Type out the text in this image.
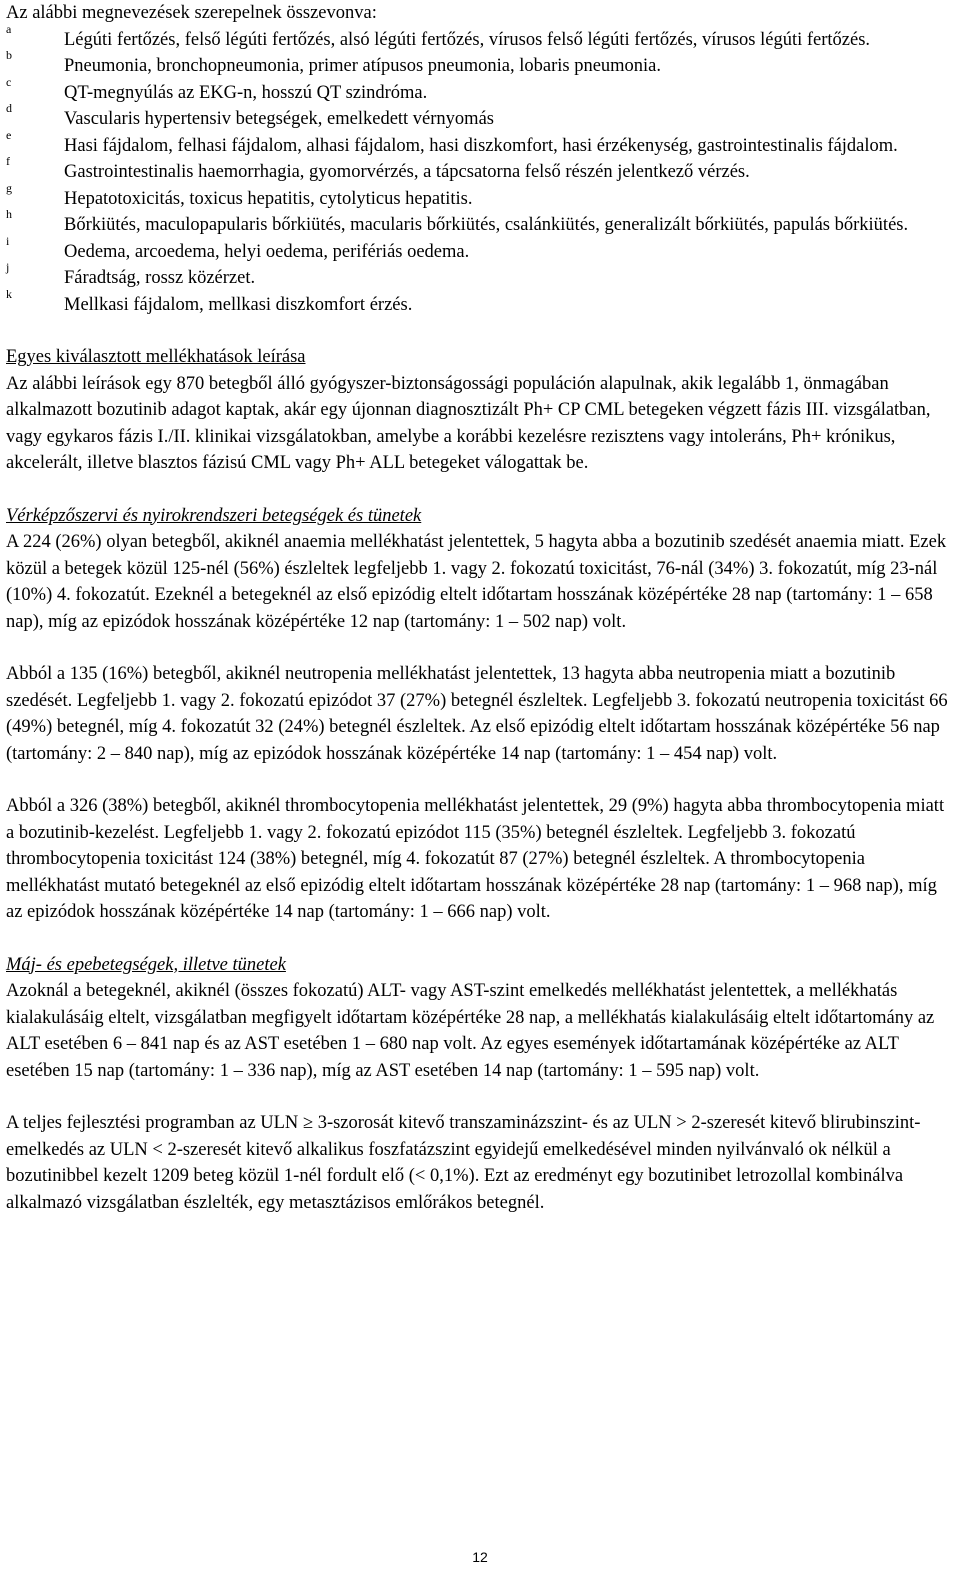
Az alábbi megnevezések szerepelnek összevonva:

a
Légúti fertőzés, felső légúti fertőzés, alsó légúti fertőzés, vírusos felső légúti fertőzés, vírusos légúti fertőzés.
b
Pneumonia, bronchopneumonia, primer atípusos pneumonia, lobaris pneumonia.
c
QT-megnyúlás az EKG-n, hosszú QT szindróma.
d
Vascularis hypertensiv betegségek, emelkedett vérnyomás
e
Hasi fájdalom, felhasi fájdalom, alhasi fájdalom, hasi diszkomfort, hasi érzékenység, gastrointestinalis fájdalom.
f
Gastrointestinalis haemorrhagia, gyomorvérzés, a tápcsatorna felső részén jelentkező vérzés.
g
Hepatotoxicitás, toxicus hepatitis, cytolyticus hepatitis.
h
Bőrkiütés, maculopapularis bőrkiütés, macularis bőrkiütés, csalánkiütés, generalizált bőrkiütés, papulás bőrkiütés.
i
Oedema, arcoedema, helyi oedema, perifériás oedema.
j
Fáradtság, rossz közérzet.
k
Mellkasi fájdalom, mellkasi diszkomfort érzés.

Egyes kiválasztott mellékhatások leírása

Az alábbi leírások egy 870 betegből álló gyógyszer-biztonságossági populáción alapulnak, akik legalább 1, önmagában alkalmazott bozutinib adagot kaptak, akár egy újonnan diagnosztizált Ph+ CP CML betegeken végzett fázis III. vizsgálatban, vagy egykaros fázis I./II. klinikai vizsgálatokban, amelybe a korábbi kezelésre rezisztens vagy intoleráns, Ph+ krónikus, akcelerált, illetve blasztos fázisú CML vagy Ph+ ALL betegeket válogattak be.

Vérképzőszervi és nyirokrendszeri betegségek és tünetek

A 224 (26%) olyan betegből, akiknél anaemia mellékhatást jelentettek, 5 hagyta abba a bozutinib szedését anaemia miatt. Ezek közül a betegek közül 125-nél (56%) észleltek legfeljebb 1. vagy 2. fokozatú toxicitást, 76-nál (34%) 3. fokozatút, míg 23-nál (10%) 4. fokozatút. Ezeknél a betegeknél az első epizódig eltelt időtartam hosszának középértéke 28 nap (tartomány: 1 – 658 nap), míg az epizódok hosszának középértéke 12 nap (tartomány: 1 – 502 nap) volt.

Abból a 135 (16%) betegből, akiknél neutropenia mellékhatást jelentettek, 13 hagyta abba neutropenia miatt a bozutinib szedését. Legfeljebb 1. vagy 2. fokozatú epizódot 37 (27%) betegnél észleltek. Legfeljebb 3. fokozatú neutropenia toxicitást 66 (49%) betegnél, míg 4. fokozatút 32 (24%) betegnél észleltek. Az első epizódig eltelt időtartam hosszának középértéke 56 nap (tartomány: 2 – 840 nap), míg az epizódok hosszának középértéke 14 nap (tartomány: 1 – 454 nap) volt.

Abból a 326 (38%) betegből, akiknél thrombocytopenia mellékhatást jelentettek, 29 (9%) hagyta abba thrombocytopenia miatt a bozutinib-kezelést. Legfeljebb 1. vagy 2. fokozatú epizódot 115 (35%) betegnél észleltek. Legfeljebb 3. fokozatú thrombocytopenia toxicitást 124 (38%) betegnél, míg 4. fokozatút 87 (27%) betegnél észleltek. A thrombocytopenia mellékhatást mutató betegeknél az első epizódig eltelt időtartam hosszának középértéke 28 nap (tartomány: 1 – 968 nap), míg az epizódok hosszának középértéke 14 nap (tartomány: 1 – 666 nap) volt.

Máj- és epebetegségek, illetve tünetek

Azoknál a betegeknél, akiknél (összes fokozatú) ALT- vagy AST-szint emelkedés mellékhatást jelentettek, a mellékhatás kialakulásáig eltelt, vizsgálatban megfigyelt időtartam középértéke 28 nap, a mellékhatás kialakulásáig eltelt időtartomány az ALT esetében 6 – 841 nap és az AST esetében 1 – 680 nap volt. Az egyes események időtartamának középértéke az ALT esetében 15 nap (tartomány: 1 – 336 nap), míg az AST esetében 14 nap (tartomány: 1 – 595 nap) volt.

A teljes fejlesztési programban az ULN ≥ 3-szorosát kitevő transzaminázszint- és az ULN > 2-szeresét kitevő blirubinszint-emelkedés az ULN < 2-szeresét kitevő alkalikus foszfatázszint egyidejű emelkedésével minden nyilvánvaló ok nélkül a bozutinibbel kezelt 1209 beteg közül 1-nél fordult elő (< 0,1%). Ezt az eredményt egy bozutinibet letrozollal kombinálva alkalmazó vizsgálatban észlelték, egy metasztázisos emlőrákos betegnél.

12
